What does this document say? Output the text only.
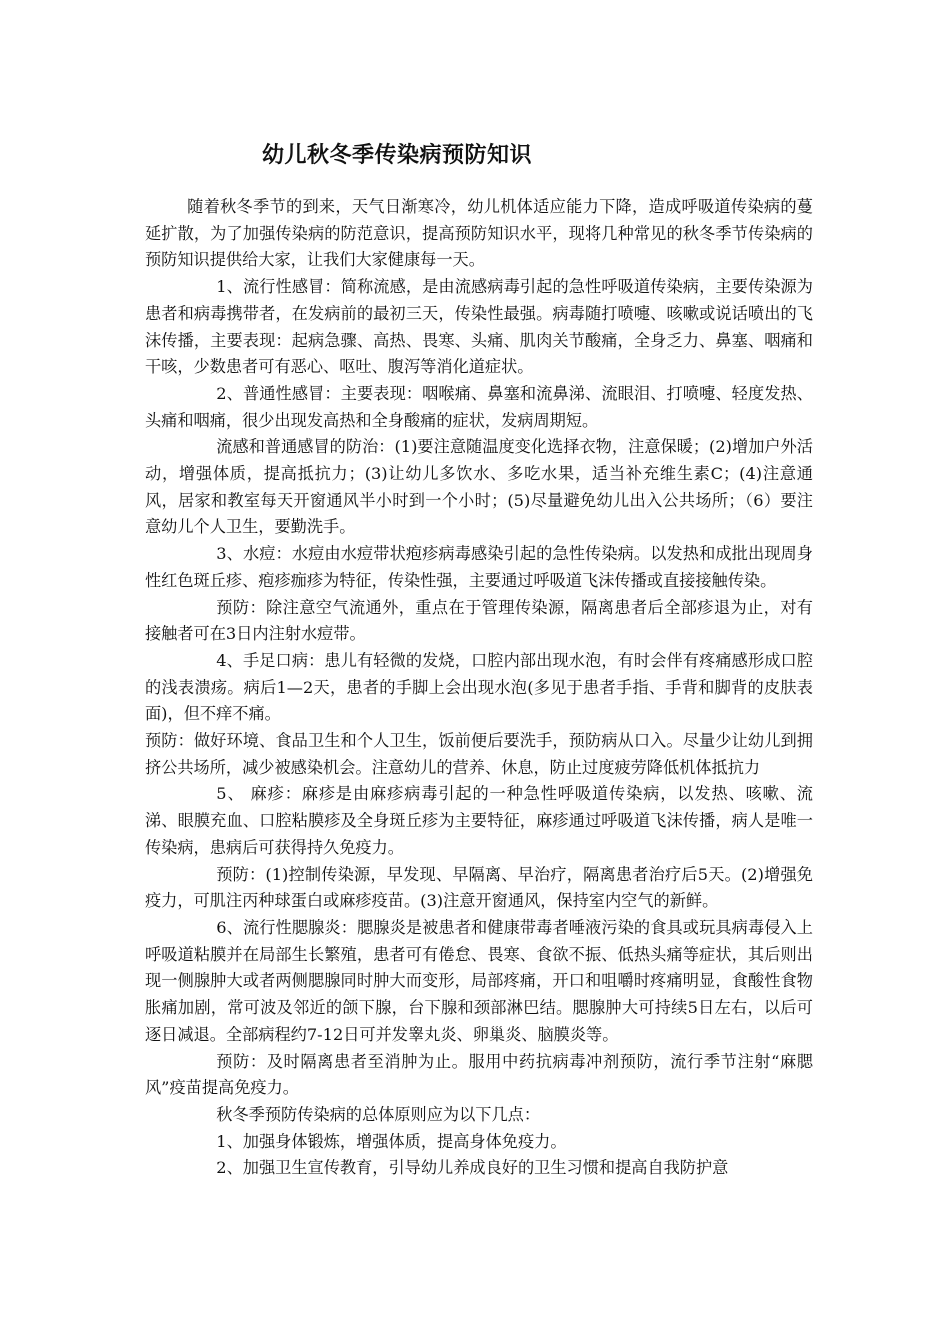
幼儿秋冬季传染病预防知识

随着秋冬季节的到来，天气日渐寒冷，幼儿机体适应能力下降，造成呼吸道传染病的蔓延扩散，为了加强传染病的防范意识，提高预防知识水平，现将几种常见的秋冬季节传染病的预防知识提供给大家，让我们大家健康每一天。

1、流行性感冒：简称流感，是由流感病毒引起的急性呼吸道传染病，主要传染源为患者和病毒携带者，在发病前的最初三天，传染性最强。病毒随打喷嚏、咳嗽或说话喷出的飞沫传播，主要表现：起病急骤、高热、畏寒、头痛、肌肉关节酸痛，全身乏力、鼻塞、咽痛和干咳，少数患者可有恶心、呕吐、腹泻等消化道症状。

2、普通性感冒：主要表现：咽喉痛、鼻塞和流鼻涕、流眼泪、打喷嚏、轻度发热、头痛和咽痛，很少出现发高热和全身酸痛的症状，发病周期短。

流感和普通感冒的防治：(1)要注意随温度变化选择衣物，注意保暖；(2)增加户外活动，增强体质，提高抵抗力；(3)让幼儿多饮水、多吃水果，适当补充维生素C；(4)注意通风，居家和教室每天开窗通风半小时到一个小时；(5)尽量避免幼儿出入公共场所；（6）要注意幼儿个人卫生，要勤洗手。

3、水痘：水痘由水痘带状疱疹病毒感染引起的急性传染病。以发热和成批出现周身性红色斑丘疹、疱疹痂疹为特征，传染性强，主要通过呼吸道飞沫传播或直接接触传染。

预防：除注意空气流通外，重点在于管理传染源，隔离患者后全部疹退为止，对有接触者可在3日内注射水痘带。

4、手足口病：患儿有轻微的发烧，口腔内部出现水泡，有时会伴有疼痛感形成口腔的浅表溃疡。病后1—2天，患者的手脚上会出现水泡(多见于患者手指、手背和脚背的皮肤表面)，但不痒不痛。

预防：做好环境、食品卫生和个人卫生，饭前便后要洗手，预防病从口入。尽量少让幼儿到拥挤公共场所，减少被感染机会。注意幼儿的营养、休息，防止过度疲劳降低机体抵抗力

5、 麻疹：麻疹是由麻疹病毒引起的一种急性呼吸道传染病，以发热、咳嗽、流涕、眼膜充血、口腔粘膜疹及全身斑丘疹为主要特征，麻疹通过呼吸道飞沫传播，病人是唯一传染病，患病后可获得持久免疫力。

预防：(1)控制传染源，早发现、早隔离、早治疗，隔离患者治疗后5天。(2)增强免疫力，可肌注丙种球蛋白或麻疹疫苗。(3)注意开窗通风，保持室内空气的新鲜。

6、流行性腮腺炎：腮腺炎是被患者和健康带毒者唾液污染的食具或玩具病毒侵入上呼吸道粘膜并在局部生长繁殖，患者可有倦怠、畏寒、食欲不振、低热头痛等症状，其后则出现一侧腺肿大或者两侧腮腺同时肿大而变形，局部疼痛，开口和咀嚼时疼痛明显，食酸性食物胀痛加剧，常可波及邻近的颌下腺，台下腺和颈部淋巴结。腮腺肿大可持续5日左右，以后可逐日减退。全部病程约7-12日可并发睾丸炎、卵巢炎、脑膜炎等。

预防：及时隔离患者至消肿为止。服用中药抗病毒冲剂预防，流行季节注射“麻腮风”疫苗提高免疫力。

秋冬季预防传染病的总体原则应为以下几点：

1、加强身体锻炼，增强体质，提高身体免疫力。

2、加强卫生宣传教育，引导幼儿养成良好的卫生习惯和提高自我防护意
